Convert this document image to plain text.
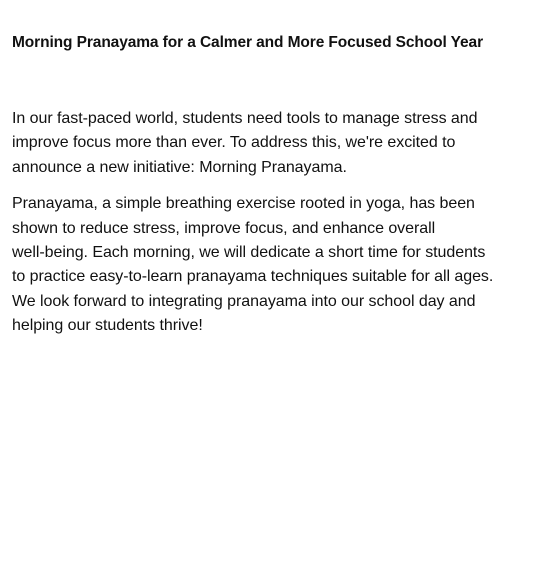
Morning Pranayama for a Calmer and More Focused School Year

In our fast-paced world, students need tools to manage stress and
improve focus more than ever. To address this, we're excited to
announce a new initiative: Morning Pranayama.

Pranayama, a simple breathing exercise rooted in yoga, has been
shown to reduce stress, improve focus, and enhance overall
well-being. Each morning, we will dedicate a short time for students
to practice easy-to-learn pranayama techniques suitable for all ages.
We look forward to integrating pranayama into our school day and
helping our students thrive!
